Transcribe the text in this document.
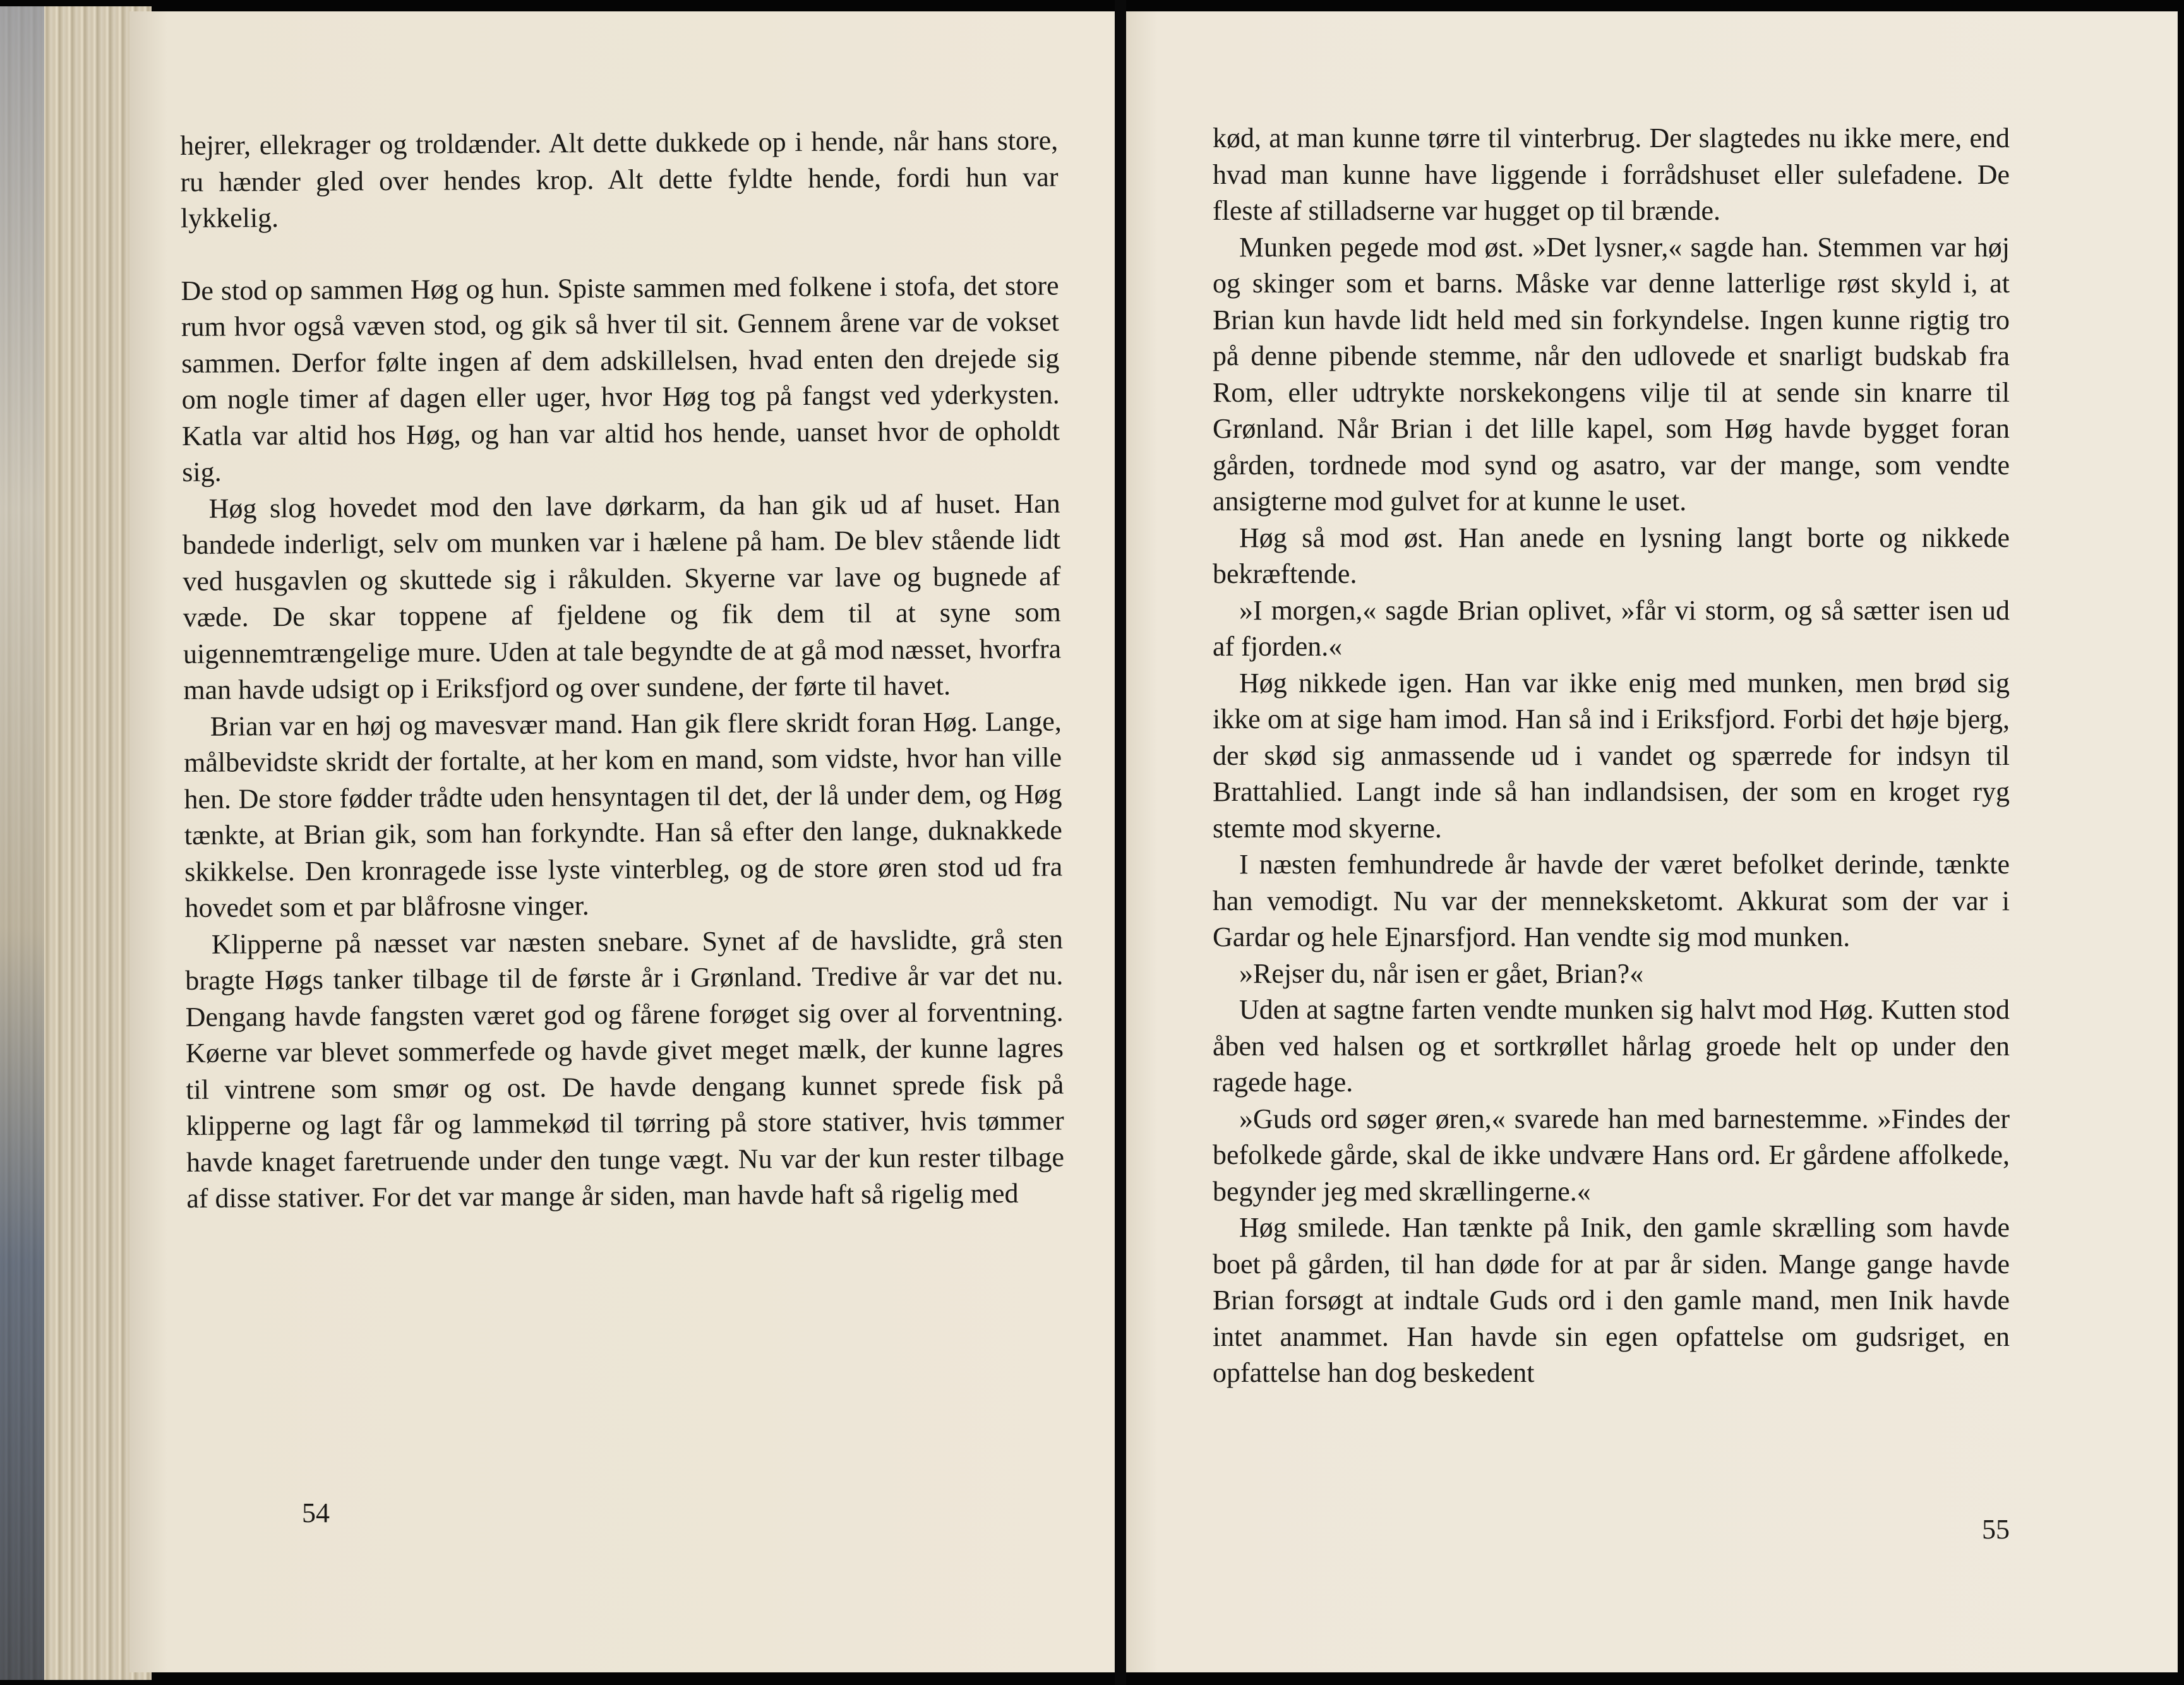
hejrer, ellekrager og troldænder. Alt dette dukkede op i hende, når hans store, ru hænder gled over hendes krop. Alt dette fyldte hende, fordi hun var lykkelig.

De stod op sammen Høg og hun. Spiste sammen med folkene i stofa, det store rum hvor også væven stod, og gik så hver til sit. Gennem årene var de vokset sammen. Derfor følte ingen af dem adskillelsen, hvad enten den drejede sig om nogle timer af dagen eller uger, hvor Høg tog på fangst ved yderkysten. Katla var altid hos Høg, og han var altid hos hende, uanset hvor de opholdt sig.

Høg slog hovedet mod den lave dørkarm, da han gik ud af huset. Han bandede inderligt, selv om munken var i hælene på ham. De blev stående lidt ved husgavlen og skuttede sig i råkulden. Skyerne var lave og bugnede af væde. De skar toppene af fjeldene og fik dem til at syne som uigennemtrængelige mure. Uden at tale begyndte de at gå mod næsset, hvorfra man havde udsigt op i Eriksfjord og over sundene, der førte til havet.

Brian var en høj og mavesvær mand. Han gik flere skridt foran Høg. Lange, målbevidste skridt der fortalte, at her kom en mand, som vidste, hvor han ville hen. De store fødder trådte uden hensyntagen til det, der lå under dem, og Høg tænkte, at Brian gik, som han forkyndte. Han så efter den lange, duknakkede skikkelse. Den kronragede isse lyste vinterbleg, og de store øren stod ud fra hovedet som et par blåfrosne vinger.

Klipperne på næsset var næsten snebare. Synet af de havslidte, grå sten bragte Høgs tanker tilbage til de første år i Grønland. Tredive år var det nu. Dengang havde fangsten været god og fårene forøget sig over al forventning. Køerne var blevet sommerfede og havde givet meget mælk, der kunne lagres til vintrene som smør og ost. De havde dengang kunnet sprede fisk på klipperne og lagt får og lammekød til tørring på store stativer, hvis tømmer havde knaget faretruende under den tunge vægt. Nu var der kun rester tilbage af disse stativer. For det var mange år siden, man havde haft så rigelig med

54

kød, at man kunne tørre til vinterbrug. Der slagtedes nu ikke mere, end hvad man kunne have liggende i forrådshuset eller sulefadene. De fleste af stilladserne var hugget op til brænde.

Munken pegede mod øst. »Det lysner,« sagde han. Stemmen var høj og skinger som et barns. Måske var denne latterlige røst skyld i, at Brian kun havde lidt held med sin forkyndelse. Ingen kunne rigtig tro på denne pibende stemme, når den udlovede et snarligt budskab fra Rom, eller udtrykte norskekongens vilje til at sende sin knarre til Grønland. Når Brian i det lille kapel, som Høg havde bygget foran gården, tordnede mod synd og asatro, var der mange, som vendte ansigterne mod gulvet for at kunne le uset.

Høg så mod øst. Han anede en lysning langt borte og nikkede bekræftende.

»I morgen,« sagde Brian oplivet, »får vi storm, og så sætter isen ud af fjorden.«

Høg nikkede igen. Han var ikke enig med munken, men brød sig ikke om at sige ham imod. Han så ind i Eriksfjord. Forbi det høje bjerg, der skød sig anmassende ud i vandet og spærrede for indsyn til Brattahlied. Langt inde så han indlandsisen, der som en kroget ryg stemte mod skyerne.

I næsten femhundrede år havde der været befolket derinde, tænkte han vemodigt. Nu var der menneksketomt. Akkurat som der var i Gardar og hele Ejnarsfjord. Han vendte sig mod munken.

»Rejser du, når isen er gået, Brian?«

Uden at sagtne farten vendte munken sig halvt mod Høg. Kutten stod åben ved halsen og et sortkrøllet hårlag groede helt op under den ragede hage.

»Guds ord søger øren,« svarede han med barnestemme. »Findes der befolkede gårde, skal de ikke undvære Hans ord. Er gårdene affolkede, begynder jeg med skrællingerne.«

Høg smilede. Han tænkte på Inik, den gamle skrælling som havde boet på gården, til han døde for at par år siden. Mange gange havde Brian forsøgt at indtale Guds ord i den gamle mand, men Inik havde intet anammet. Han havde sin egen opfattelse om gudsriget, en opfattelse han dog beskedent

55
